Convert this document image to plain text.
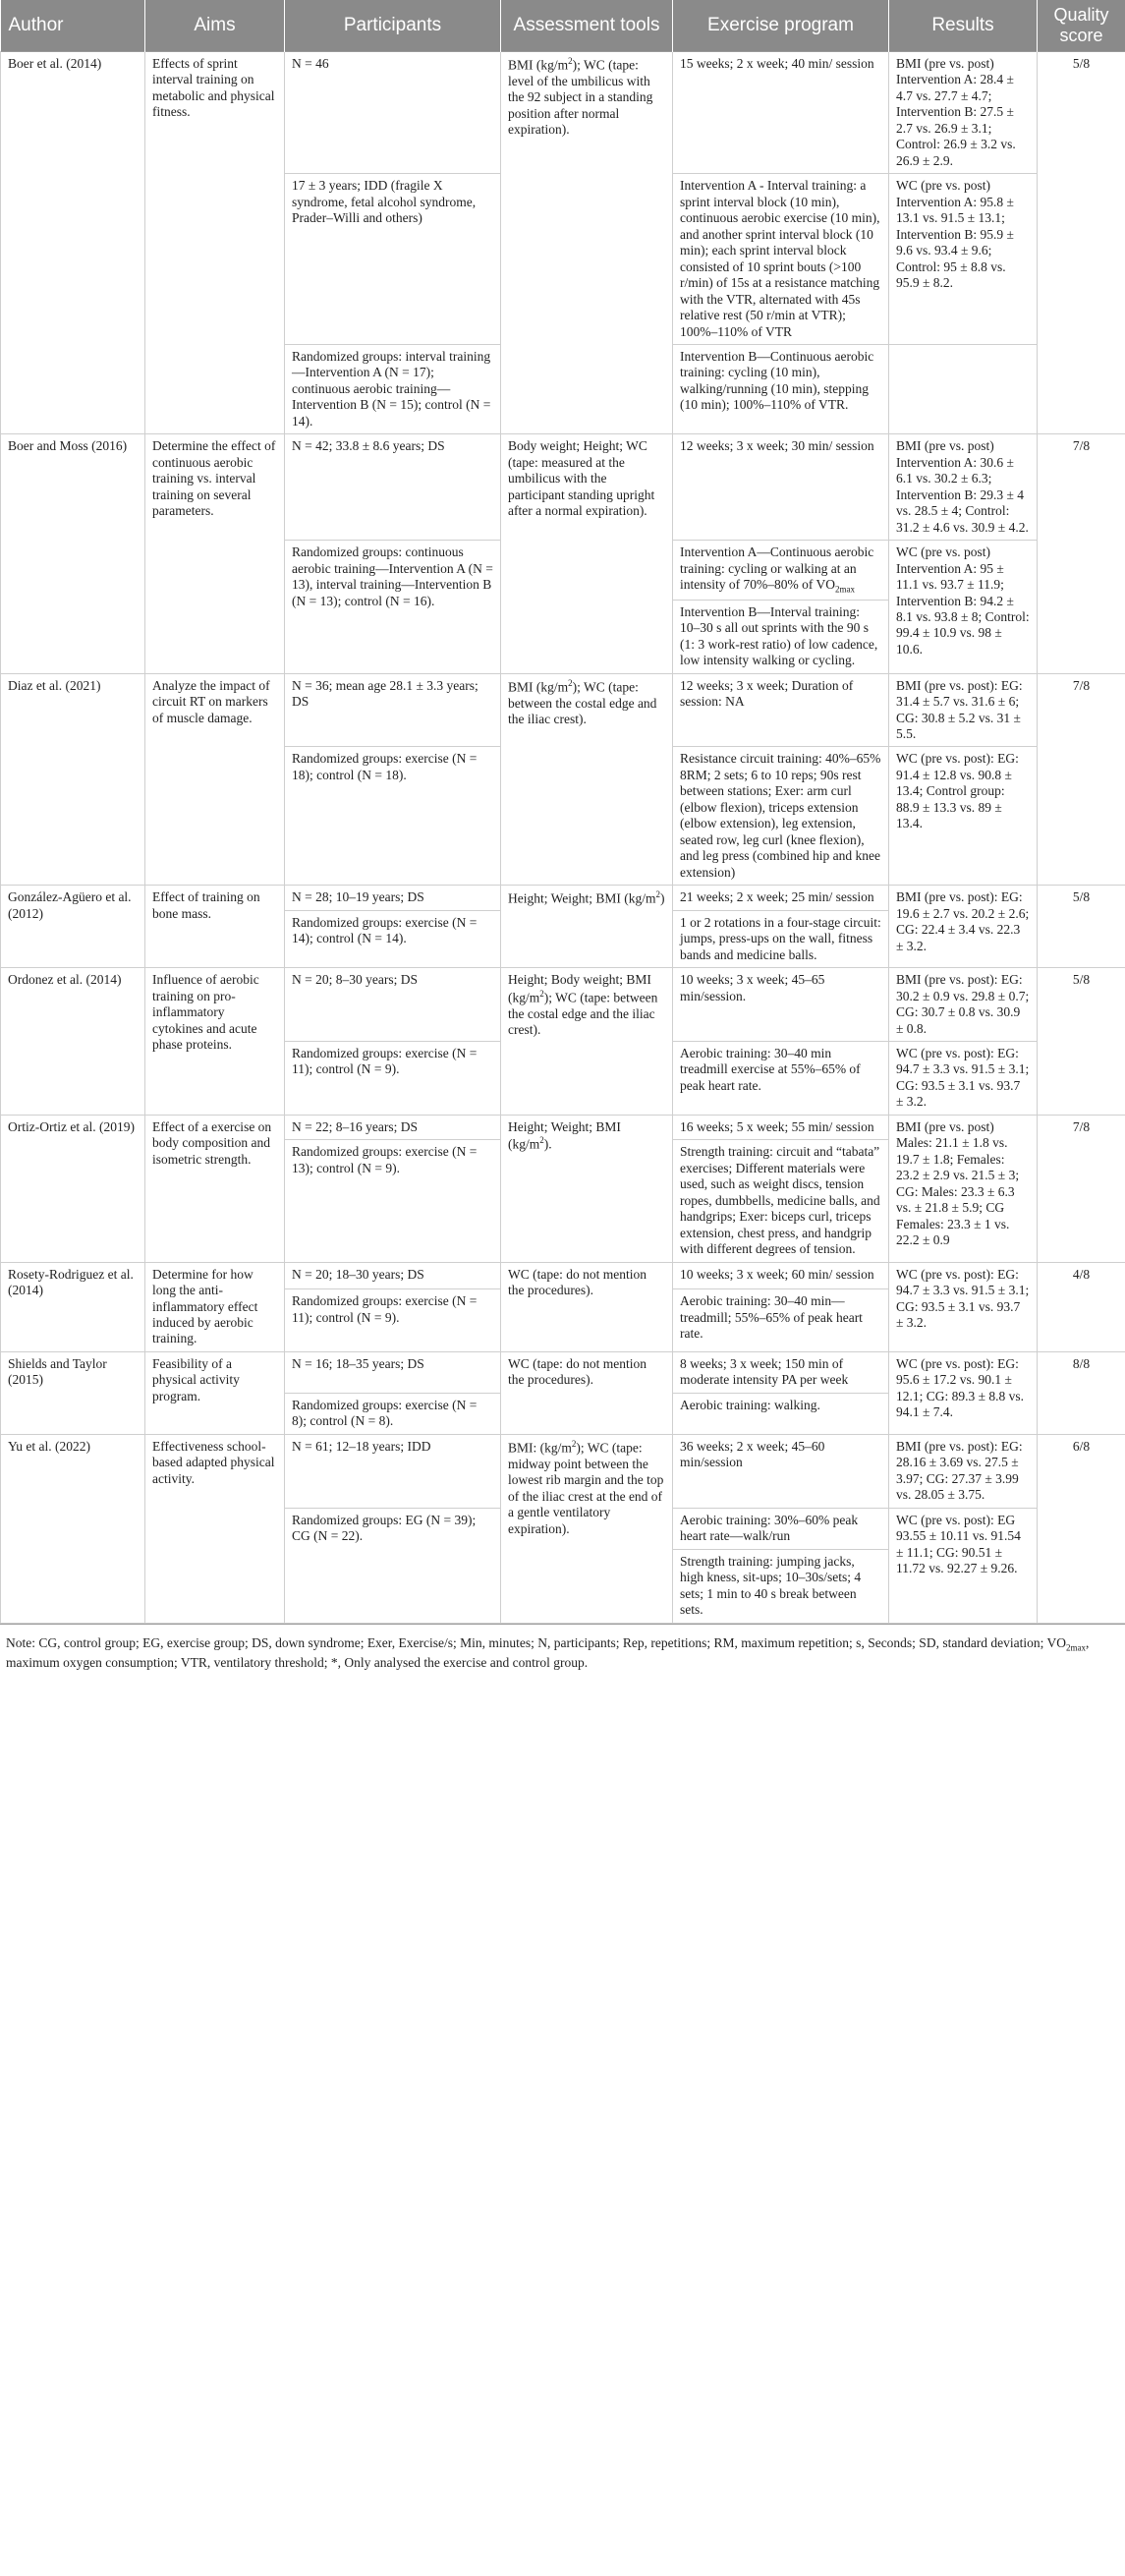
Author	Aims	Participants	Assessment tools	Exercise program	Results	Quality score
Boer et al. (2014)	Effects of sprint interval training on metabolic and physical fitness.	N = 46	BMI $(kg/m^2)$; WC (tape: level of the umbilicus with the 92 subject in a standing position after normal expiration).	15 weeks; 2 x week; 40 min/ session	BMI (pre vs. post) Intervention A: 28.4 ± 4.7 vs. 27.7 ± 4.7; Intervention B: 27.5 ± 2.7 vs. 26.9 ± 3.1; Control: 26.9 ± 3.2 vs. 26.9 ± 2.9.	5/8
		17 ± 3 years; IDD (fragile X syndrome, fetal alcohol syndrome, Prader–Willi and others)		Intervention A - Interval training: a sprint interval block (10 min), continuous aerobic exercise (10 min), and another sprint interval block (10 min); each sprint interval block consisted of 10 sprint bouts (>100 r/min) of 15s at a resistance matching with the VTR, alternated with 45s relative rest (50 r/min at VTR); 100%–110% of VTR	WC (pre vs. post) Intervention A: 95.8 ± 13.1 vs. 91.5 ± 13.1; Intervention B: 95.9 ± 9.6 vs. 93.4 ± 9.6; Control: 95 ± 8.8 vs. 95.9 ± 8.2.	
		Randomized groups: interval training—Intervention A (N = 17); continuous aerobic training—Intervention B (N = 15); control (N = 14).		Intervention B—Continuous aerobic training: cycling (10 min), walking/running (10 min), stepping (10 min); 100%–110% of VTR.		
Boer and Moss (2016)	Determine the effect of continuous aerobic training vs. interval training on several parameters.	N = 42; 33.8 ± 8.6 years; DS	Body weight; Height; WC (tape: measured at the umbilicus with the participant standing upright after a normal expiration).	12 weeks; 3 x week; 30 min/ session	BMI (pre vs. post) Intervention A: 30.6 ± 6.1 vs. 30.2 ± 6.3; Intervention B: 29.3 ± 4 vs. 28.5 ± 4; Control: 31.2 ± 4.6 vs. 30.9 ± 4.2.	7/8
		Randomized groups: continuous aerobic training—Intervention A (N = 13), interval training—Intervention B (N = 13); control (N = 16).		Intervention A—Continuous aerobic training: cycling or walking at an intensity of 70%–80% of $VO_{2max}$	WC (pre vs. post) Intervention A: 95 ± 11.1 vs. 93.7 ± 11.9; Intervention B: 94.2 ± 8.1 vs. 93.8 ± 8; Control: 99.4 ± 10.9 vs. 98 ± 10.6.	
				Intervention B—Interval training: 10–30 s all out sprints with the 90 s (1: 3 work-rest ratio) of low cadence, low intensity walking or cycling.		
Diaz et al. (2021)	Analyze the impact of circuit RT on markers of muscle damage.	N = 36; mean age 28.1 ± 3.3 years; DS	BMI $(kg/m^2)$; WC (tape: between the costal edge and the iliac crest).	12 weeks; 3 x week; Duration of session: NA	BMI (pre vs. post): EG: 31.4 ± 5.7 vs. 31.6 ± 6; CG: 30.8 ± 5.2 vs. 31 ± 5.5.	7/8
		Randomized groups: exercise (N = 18); control (N = 18).		Resistance circuit training: 40%–65% 8RM; 2 sets; 6 to 10 reps; 90s rest between stations; Exer: arm curl (elbow flexion), triceps extension (elbow extension), leg extension, seated row, leg curl (knee flexion), and leg press (combined hip and knee extension)	WC (pre vs. post): EG: 91.4 ± 12.8 vs. 90.8 ± 13.4; Control group: 88.9 ± 13.3 vs. 89 ± 13.4.	
González-Agüero et al. (2012)	Effect of training on bone mass.	N = 28; 10–19 years; DS	Height; Weight; BMI $(kg/m^2)$	21 weeks; 2 x week; 25 min/ session	BMI (pre vs. post): EG: 19.6 ± 2.7 vs. 20.2 ± 2.6; CG: 22.4 ± 3.4 vs. 22.3 ± 3.2.	5/8
		Randomized groups: exercise (N = 14); control (N = 14).		1 or 2 rotations in a four-stage circuit: jumps, press-ups on the wall, fitness bands and medicine balls.		
Ordonez et al. (2014)	Influence of aerobic training on pro-inflammatory cytokines and acute phase proteins.	N = 20; 8–30 years; DS	Height; Body weight; BMI $(kg/m^2)$; WC (tape: between the costal edge and the iliac crest).	10 weeks; 3 x week; 45–65 min/session.	BMI (pre vs. post): EG: 30.2 ± 0.9 vs. 29.8 ± 0.7; CG: 30.7 ± 0.8 vs. 30.9 ± 0.8.	5/8
		Randomized groups: exercise (N = 11); control (N = 9).		Aerobic training: 30–40 min treadmill exercise at 55%–65% of peak heart rate.	WC (pre vs. post): EG: 94.7 ± 3.3 vs. 91.5 ± 3.1; CG: 93.5 ± 3.1 vs. 93.7 ± 3.2.	
Ortiz-Ortiz et al. (2019)	Effect of a exercise on body composition and isometric strength.	N = 22; 8–16 years; DS	Height; Weight; BMI $(kg/m^2)$.	16 weeks; 5 x week; 55 min/ session	BMI (pre vs. post) Males: 21.1 ± 1.8 vs. 19.7 ± 1.8; Females: 23.2 ± 2.9 vs. 21.5 ± 3; CG: Males: 23.3 ± 6.3 vs. ± 21.8 ± 5.9; CG Females: 23.3 ± 1 vs. 22.2 ± 0.9	7/8
		Randomized groups: exercise (N = 13); control (N = 9).		Strength training: circuit and “tabata” exercises; Different materials were used, such as weight discs, tension ropes, dumbbells, medicine balls, and handgrips; Exer: biceps curl, triceps extension, chest press, and handgrip with different degrees of tension.		
Rosety-Rodriguez et al. (2014)	Determine for how long the anti-inflammatory effect induced by aerobic training.	N = 20; 18–30 years; DS	WC (tape: do not mention the procedures).	10 weeks; 3 x week; 60 min/ session	WC (pre vs. post): EG: 94.7 ± 3.3 vs. 91.5 ± 3.1; CG: 93.5 ± 3.1 vs. 93.7 ± 3.2.	4/8
		Randomized groups: exercise (N = 11); control (N = 9).		Aerobic training: 30–40 min—treadmill; 55%–65% of peak heart rate.		
Shields and Taylor (2015)	Feasibility of a physical activity program.	N = 16; 18–35 years; DS	WC (tape: do not mention the procedures).	8 weeks; 3 x week; 150 min of moderate intensity PA per week	WC (pre vs. post): EG: 95.6 ± 17.2 vs. 90.1 ± 12.1; CG: 89.3 ± 8.8 vs. 94.1 ± 7.4.	8/8
		Randomized groups: exercise (N = 8); control (N = 8).		Aerobic training: walking.		
Yu et al. (2022)	Effectiveness school-based adapted physical activity.	N = 61; 12–18 years; IDD	BMI: $(kg/m^2)$; WC (tape: midway point between the lowest rib margin and the top of the iliac crest at the end of a gentle ventilatory expiration).	36 weeks; 2 x week; 45–60 min/session	BMI (pre vs. post): EG: 28.16 ± 3.69 vs. 27.5 ± 3.97; CG: 27.37 ± 3.99 vs. 28.05 ± 3.75.	6/8
		Randomized groups: EG (N = 39); CG (N = 22).		Aerobic training: 30%–60% peak heart rate—walk/run	WC (pre vs. post): EG 93.55 ± 10.11 vs. 91.54 ± 11.1; CG: 90.51 ± 11.72 vs. 92.27 ± 9.26.	
				Strength training: jumping jacks, high kness, sit-ups; 10–30s/sets; 4 sets; 1 min to 40 s break between sets.		
Note: CG, control group; EG, exercise group; DS, down syndrome; Exer, Exercise/s; Min, minutes; N, participants; Rep, repetitions; RM, maximum repetition; s, Seconds; SD, standard deviation; $VO_{2max}$, maximum oxygen consumption; VTR, ventilatory threshold; *, Only analysed the exercise and control group.
